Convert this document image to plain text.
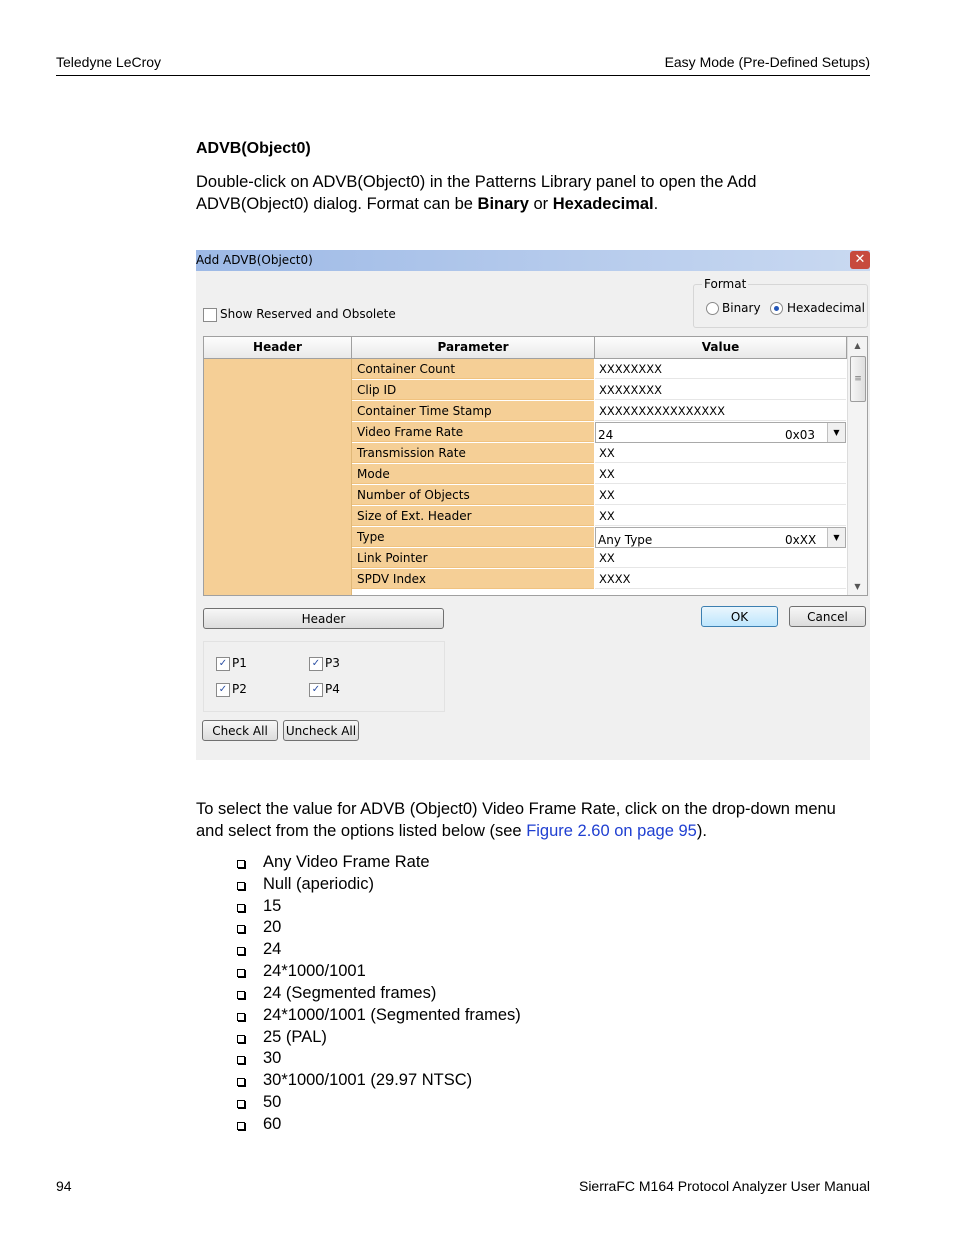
Teledyne LeCroy	Easy Mode (Pre-Defined Setups)
ADVB(Object0)
Double-click on ADVB(Object0) in the Patterns Library panel to open the Add
ADVB(Object0) dialog. Format can be Binary or Hexadecimal.
Add ADVB(Object0)	✕
Show Reserved and Obsolete
Format
Binary Hexadecimal
Header	Parameter	Value
Container Count	XXXXXXXX
Clip ID	XXXXXXXX
Container Time Stamp	XXXXXXXXXXXXXXXX
Video Frame Rate	24	0x03	▼
Transmission Rate	XX
Mode	XX
Number of Objects	XX
Size of Ext. Header	XX
Type	Any Type	0xXX	▼
Link Pointer	XX
SPDV Index	XXXX
▲
≡
▼
Header	OK	Cancel
✓ P1	✓ P3
✓ P2	✓ P4
Check All	Uncheck All
To select the value for ADVB (Object0) Video Frame Rate, click on the drop-down menu
and select from the options listed below (see Figure 2.60 on page 95).
Any Video Frame Rate
Null (aperiodic)
15
20
24
24*1000/1001
24 (Segmented frames)
24*1000/1001 (Segmented frames)
25 (PAL)
30
30*1000/1001 (29.97 NTSC)
50
60
94	SierraFC M164 Protocol Analyzer User Manual
